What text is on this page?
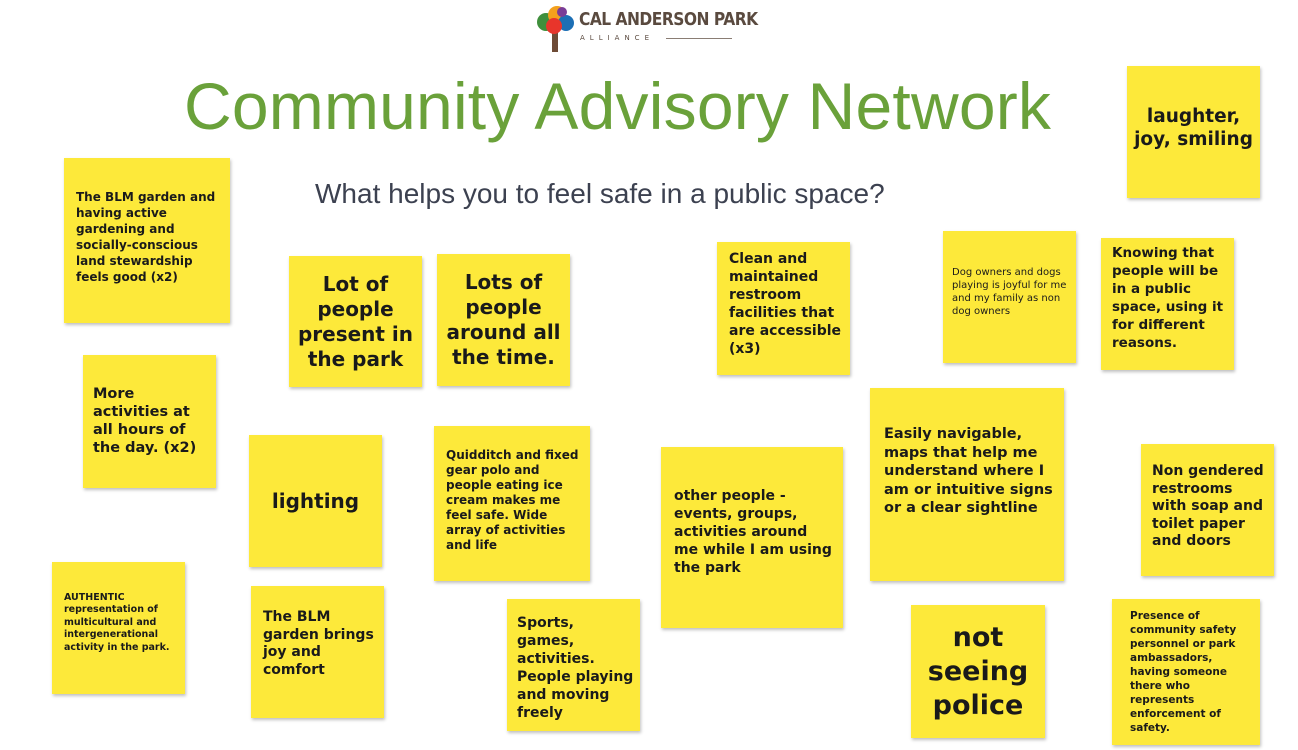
CAL ANDERSON PARK
ALLIANCE
Community Advisory Network
What helps you to feel safe in a public space?
The BLM garden and having active gardening and socially-conscious land stewardship feels good (x2)	Lot of people present in the park
Lots of people around all the time.
Clean and maintained restroom facilities that are accessible (x3)
Dog owners and dogs playing is joyful for me and my family as non dog owners
Knowing that people will be in a public space, using it for different reasons.
laughter, joy, smiling
More activities at all hours of the day. (x2)
lighting
Quidditch and fixed gear polo and people eating ice cream makes me feel safe. Wide array of activities and life
other people - events, groups, activities around me while I am using the park
Easily navigable, maps that help me understand where I am or intuitive signs or a clear sightline
Non gendered restrooms with soap and toilet paper and doors
AUTHENTIC representation of multicultural and intergenerational activity in the park.
The BLM garden brings joy and comfort
Sports, games, activities. People playing and moving freely
not seeing police
Presence of community safety personnel or park ambassadors, having someone there who represents enforcement of safety.
